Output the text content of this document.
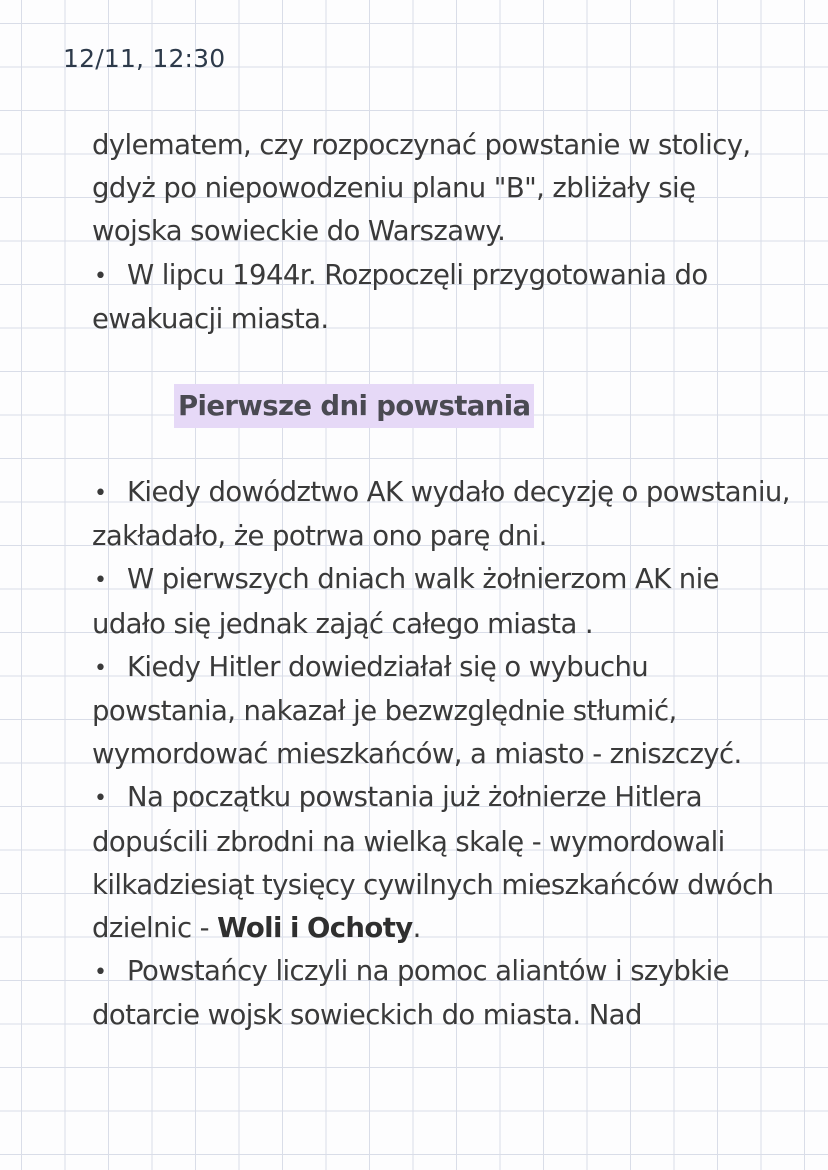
12/11, 12:30

dylematem, czy rozpoczynać powstanie w stolicy, gdyż po niepowodzeniu planu "B", zbliżały się wojska sowieckie do Warszawy.

• W lipcu 1944r. Rozpoczęli przygotowania do ewakuacji miasta.

Pierwsze dni powstania

• Kiedy dowództwo AK wydało decyzję o powstaniu, zakładało, że potrwa ono parę dni.

• W pierwszych dniach walk żołnierzom AK nie udało się jednak zająć całego miasta .

• Kiedy Hitler dowiedziałał się o wybuchu powstania, nakazał je bezwzględnie stłumić, wymordować mieszkańców, a miasto - zniszczyć.

• Na początku powstania już żołnierze Hitlera dopuścili zbrodni na wielką skalę - wymordowali kilkadziesiąt tysięcy cywilnych mieszkańców dwóch dzielnic - Woli i Ochoty.

• Powstańcy liczyli na pomoc aliantów i szybkie dotarcie wojsk sowieckich do miasta. Nad
